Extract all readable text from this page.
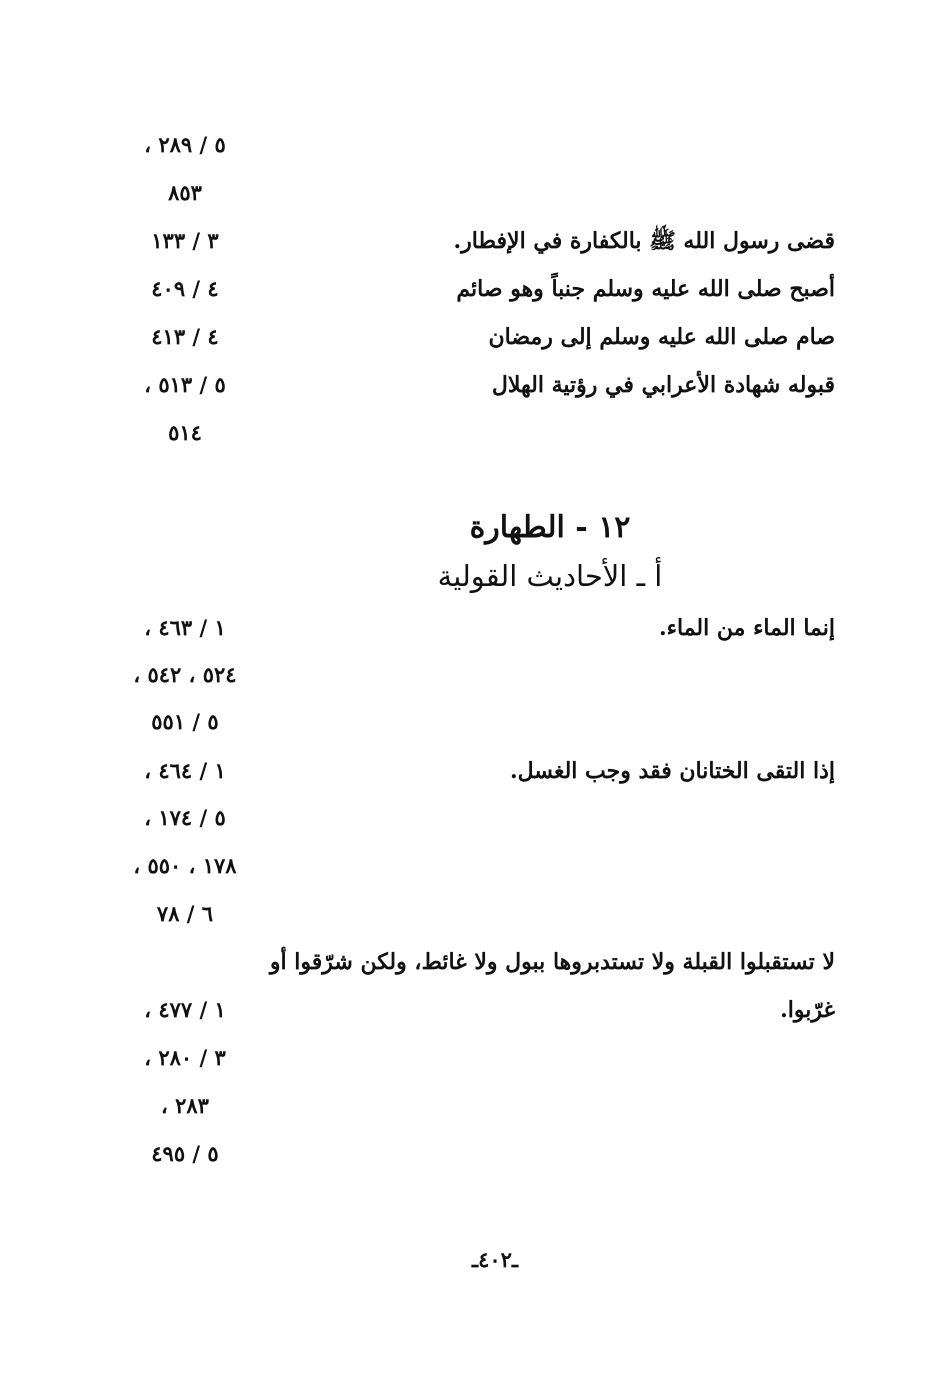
٥ / ٢٨٩ ،
٨٥٣
قضى رسول الله ﷺ بالكفارة في الإفطار.
٣ / ١٣٣
أصبح صلى الله عليه وسلم جنباً وهو صائم
٤ / ٤٠٩
صام صلى الله عليه وسلم إلى رمضان
٤ / ٤١٣
قبوله شهادة الأعرابي في رؤتية الهلال
٥ / ٥١٣ ،
٥١٤
١٢ - الطهارة
أ ـ الأحاديث القولية
إنما الماء من الماء.
١ / ٤٦٣ ،
٥٢٤ ، ٥٤٢ ،
٥ / ٥٥١
إذا التقى الختانان فقد وجب الغسل.
١ / ٤٦٤ ،
٥ / ١٧٤ ،
١٧٨ ، ٥٥٠ ،
٦ / ٧٨
لا تستقبلوا القبلة ولا تستدبروها ببول ولا غائط، ولكن شرّقوا أو
غرّبوا.
١ / ٤٧٧ ،
٣ / ٢٨٠ ،
٢٨٣ ،
٥ / ٤٩٥
ـ٤٠٢ـ
